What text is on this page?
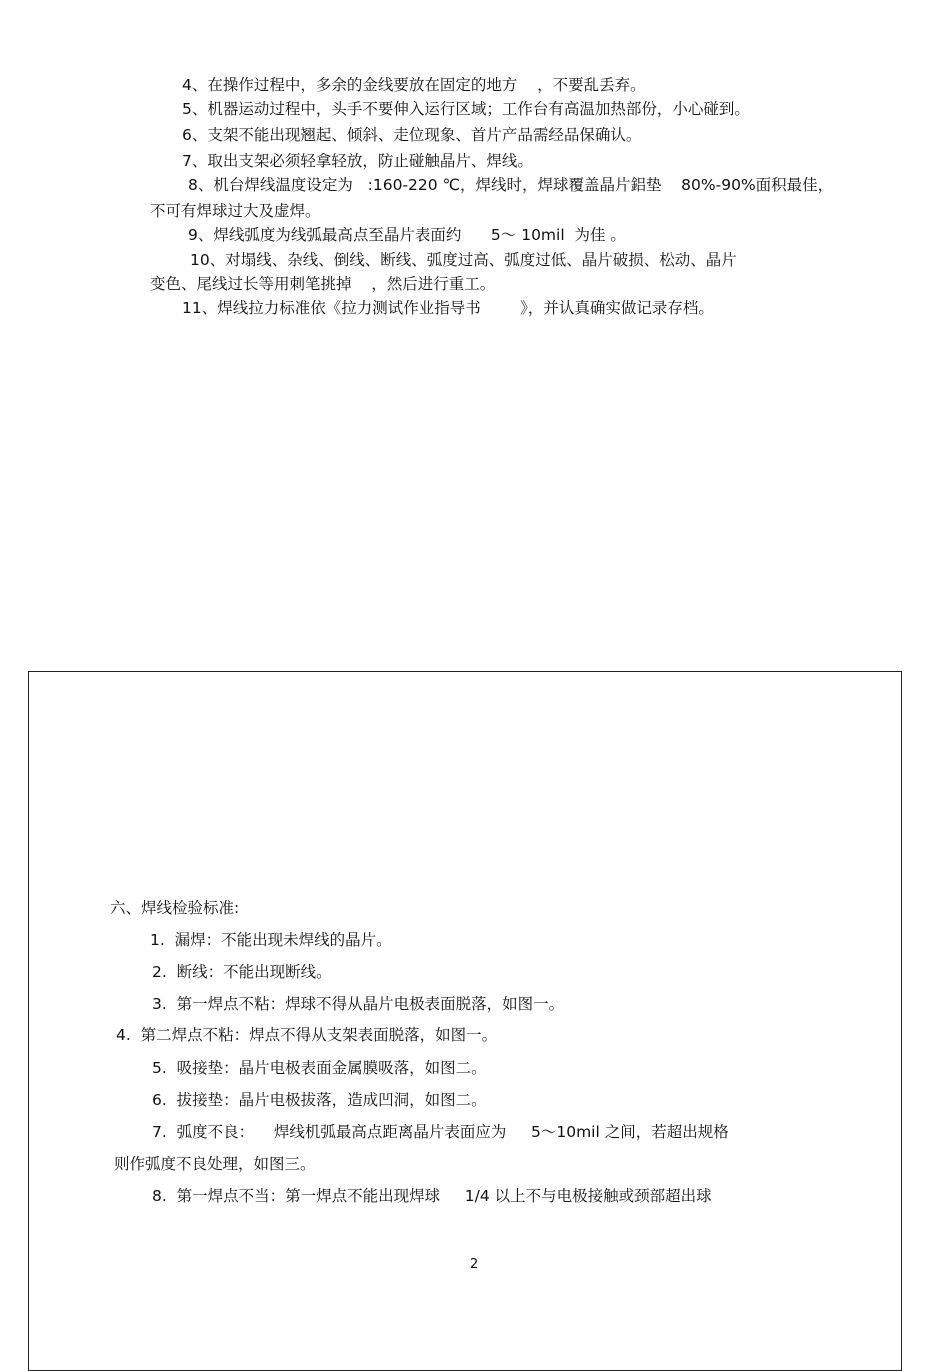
4、在操作过程中，多余的金线要放在固定的地方    ，不要乱丢弃。
5、机器运动过程中，头手不要伸入运行区域；工作台有高温加热部份，小心碰到。
6、支架不能出现翘起、倾斜、走位现象、首片产品需经品保确认。
7、取出支架必须轻拿轻放，防止碰触晶片、焊线。
8、机台焊线温度设定为   :160-220 ℃，焊线时，焊球覆盖晶片鋁垫    80%-90%面积最佳，
不可有焊球过大及虚焊。
9、焊线弧度为线弧最高点至晶片表面约      5～ 10mil  为佳 。
10、对塌线、杂线、倒线、断线、弧度过高、弧度过低、晶片破损、松动、晶片
变色、尾线过长等用刺笔挑掉    ，然后进行重工。
11、焊线拉力标准依《拉力测试作业指导书        》，并认真确实做记录存档。
六、焊线检验标准:
1.  漏焊：不能出现未焊线的晶片。
2.  断线：不能出现断线。
3.  第一焊点不粘：焊球不得从晶片电极表面脱落，如图一。
4.  第二焊点不粘：焊点不得从支架表面脱落，如图一。
5.  吸接垫：晶片电极表面金属膜吸落，如图二。
6.  拔接垫：晶片电极拔落，造成凹洞，如图二。
7.  弧度不良：    焊线机弧最高点距离晶片表面应为     5～10mil 之间，若超出规格
则作弧度不良处理，如图三。
8.  第一焊点不当：第一焊点不能出现焊球     1/4 以上不与电极接触或颈部超出球
2
